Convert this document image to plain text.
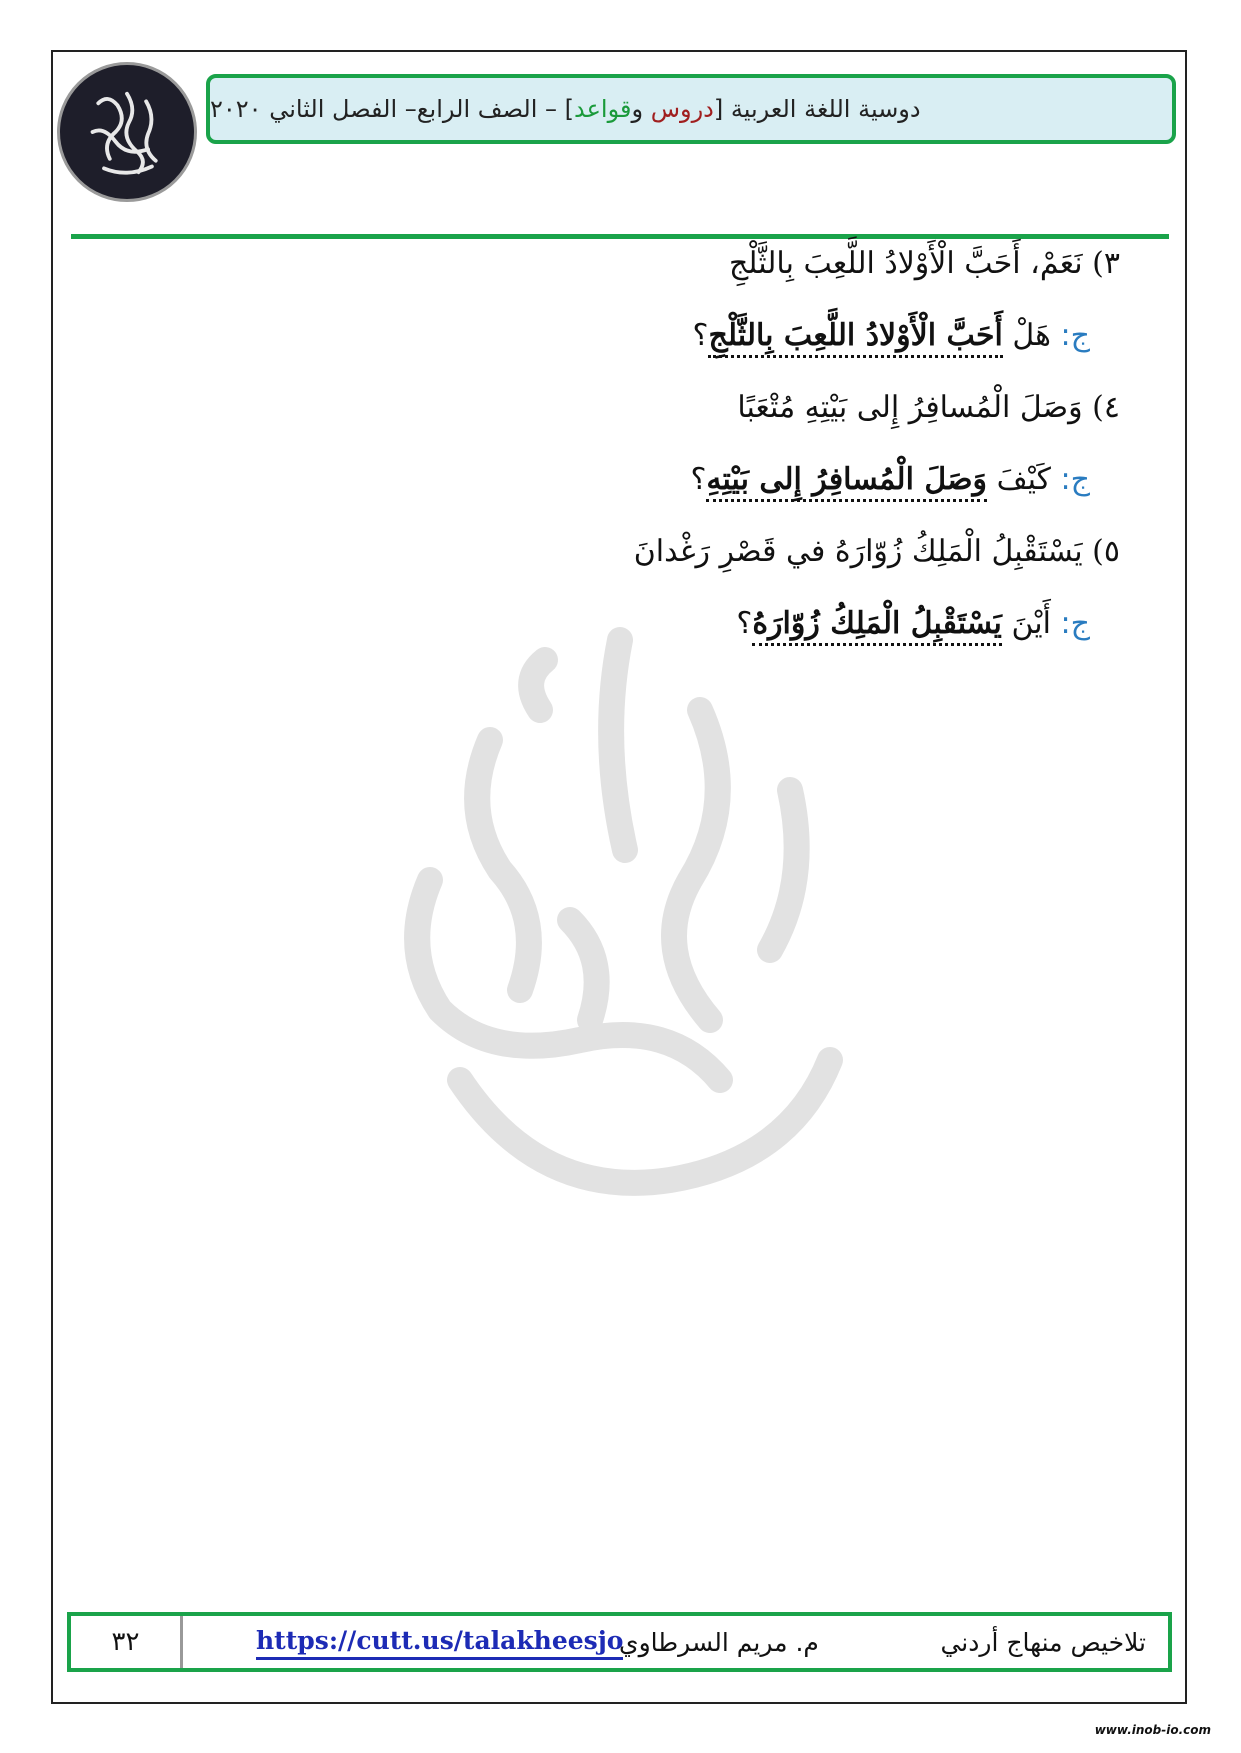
دوسية اللغة العربية [دروس وقواعد] – الصف الرابع– الفصل الثاني ٢٠٢٠
٣) نَعَمْ، أَحَبَّ الْأَوْلادُ اللَّعِبَ بِالثَّلْجِ
ج: هَلْ أَحَبَّ الْأَوْلادُ اللَّعِبَ بِالثَّلْجِ؟
٤) وَصَلَ الْمُسافِرُ إِلى بَيْتِهِ مُتْعَبًا
ج: كَيْفَ وَصَلَ الْمُسافِرُ إِلى بَيْتِهِ؟
٥) يَسْتَقْبِلُ الْمَلِكُ زُوّارَهُ في قَصْرِ رَغْدانَ
ج: أَيْنَ يَسْتَقْبِلُ الْمَلِكُ زُوّارَهُ؟
٣٢	https://cutt.us/talakheesjo
م. مريم السرطاوي	تلاخيص منهاج أردني
www.inob-io.com
